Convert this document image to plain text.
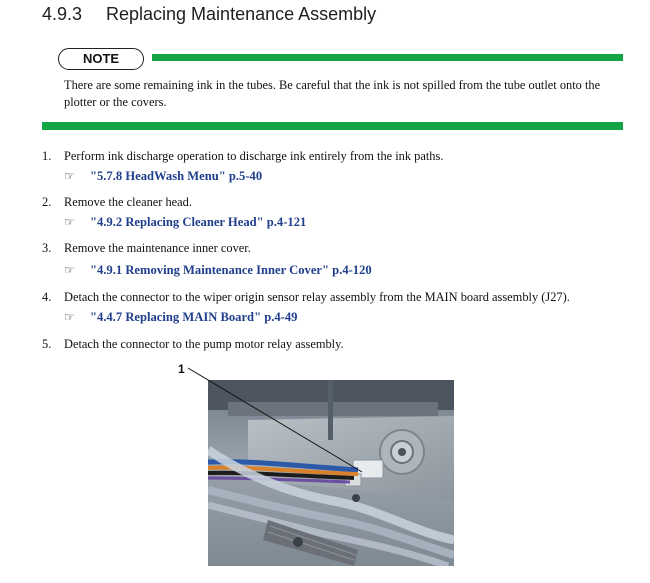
4.9.3 Replacing Maintenance Assembly
NOTE
There are some remaining ink in the tubes. Be careful that the ink is not spilled from the tube outlet onto the plotter or the covers.
1. Perform ink discharge operation to discharge ink entirely from the ink paths.
☞ "5.7.8 HeadWash Menu" p.5-40
2. Remove the cleaner head.
☞ "4.9.2 Replacing Cleaner Head" p.4-121
3. Remove the maintenance inner cover.
☞ "4.9.1 Removing Maintenance Inner Cover" p.4-120
4. Detach the connector to the wiper origin sensor relay assembly from the MAIN board assembly (J27).
☞ "4.4.7 Replacing MAIN Board" p.4-49
5. Detach the connector to the pump motor relay assembly.
1
